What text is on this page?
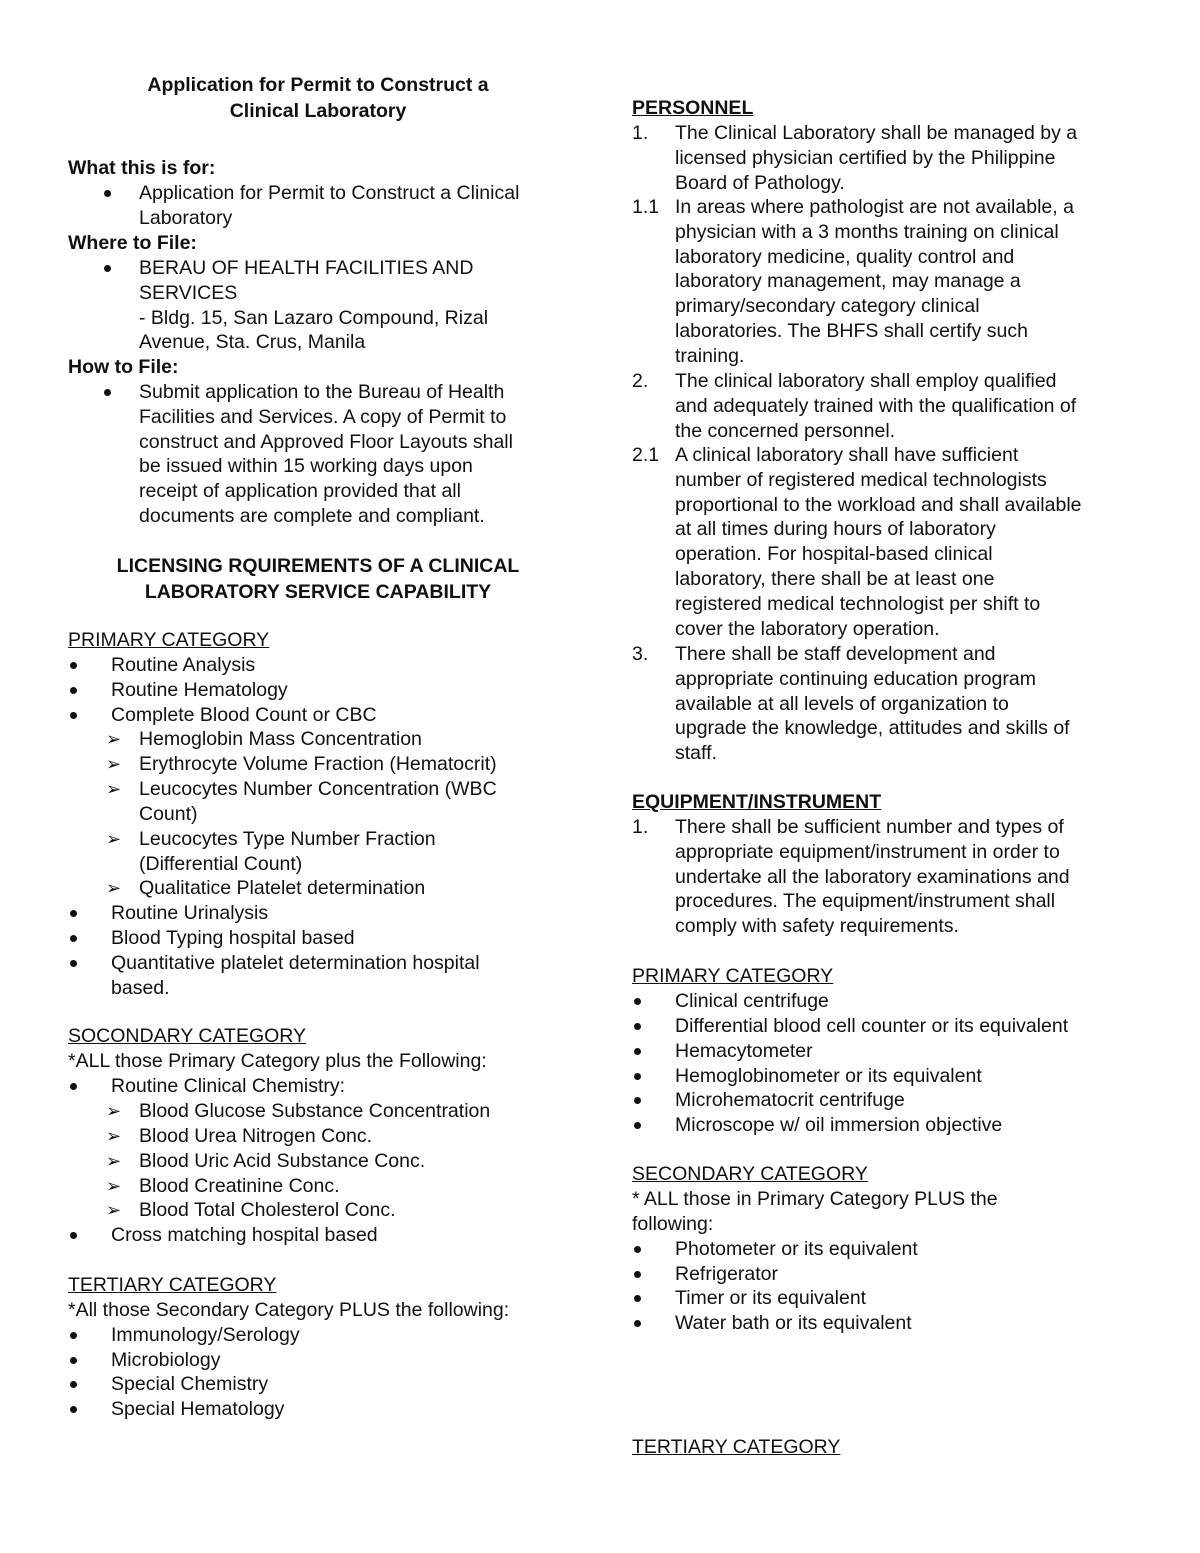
Application for Permit to Construct a
Clinical Laboratory
What this is for:
Application for Permit to Construct a Clinical
Laboratory
Where to File:
BERAU OF HEALTH FACILITIES AND
SERVICES
- Bldg. 15, San Lazaro Compound, Rizal
Avenue, Sta. Crus, Manila
How to File:
Submit application to the Bureau of Health
Facilities and Services. A copy of Permit to
construct and Approved Floor Layouts shall
be issued within 15 working days upon
receipt of application provided that all
documents are complete and compliant.
LICENSING RQUIREMENTS OF A CLINICAL
LABORATORY SERVICE CAPABILITY
PRIMARY CATEGORY
Routine Analysis
Routine Hematology
Complete Blood Count or CBC
➢ Hemoglobin Mass Concentration
➢ Erythrocyte Volume Fraction (Hematocrit)
➢ Leucocytes Number Concentration (WBC
Count)
➢ Leucocytes Type Number Fraction
(Differential Count)
➢ Qualitatice Platelet determination
Routine Urinalysis
Blood Typing hospital based
Quantitative platelet determination hospital
based.
SOCONDARY CATEGORY
*ALL those Primary Category plus the Following:
Routine Clinical Chemistry:
➢ Blood Glucose Substance Concentration
➢ Blood Urea Nitrogen Conc.
➢ Blood Uric Acid Substance Conc.
➢ Blood Creatinine Conc.
➢ Blood Total Cholesterol Conc.
Cross matching hospital based
TERTIARY CATEGORY
*All those Secondary Category PLUS the following:
Immunology/Serology
Microbiology
Special Chemistry
Special Hematology
PERSONNEL
1. The Clinical Laboratory shall be managed by a
licensed physician certified by the Philippine
Board of Pathology.
1.1 In areas where pathologist are not available, a
physician with a 3 months training on clinical
laboratory medicine, quality control and
laboratory management, may manage a
primary/secondary category clinical
laboratories. The BHFS shall certify such
training.
2. The clinical laboratory shall employ qualified
and adequately trained with the qualification of
the concerned personnel.
2.1 A clinical laboratory shall have sufficient
number of registered medical technologists
proportional to the workload and shall available
at all times during hours of laboratory
operation. For hospital-based clinical
laboratory, there shall be at least one
registered medical technologist per shift to
cover the laboratory operation.
3. There shall be staff development and
appropriate continuing education program
available at all levels of organization to
upgrade the knowledge, attitudes and skills of
staff.
EQUIPMENT/INSTRUMENT
1. There shall be sufficient number and types of
appropriate equipment/instrument in order to
undertake all the laboratory examinations and
procedures. The equipment/instrument shall
comply with safety requirements.
PRIMARY CATEGORY
Clinical centrifuge
Differential blood cell counter or its equivalent
Hemacytometer
Hemoglobinometer or its equivalent
Microhematocrit centrifuge
Microscope w/ oil immersion objective
SECONDARY CATEGORY
* ALL those in Primary Category PLUS the
following:
Photometer or its equivalent
Refrigerator
Timer or its equivalent
Water bath or its equivalent
TERTIARY CATEGORY
